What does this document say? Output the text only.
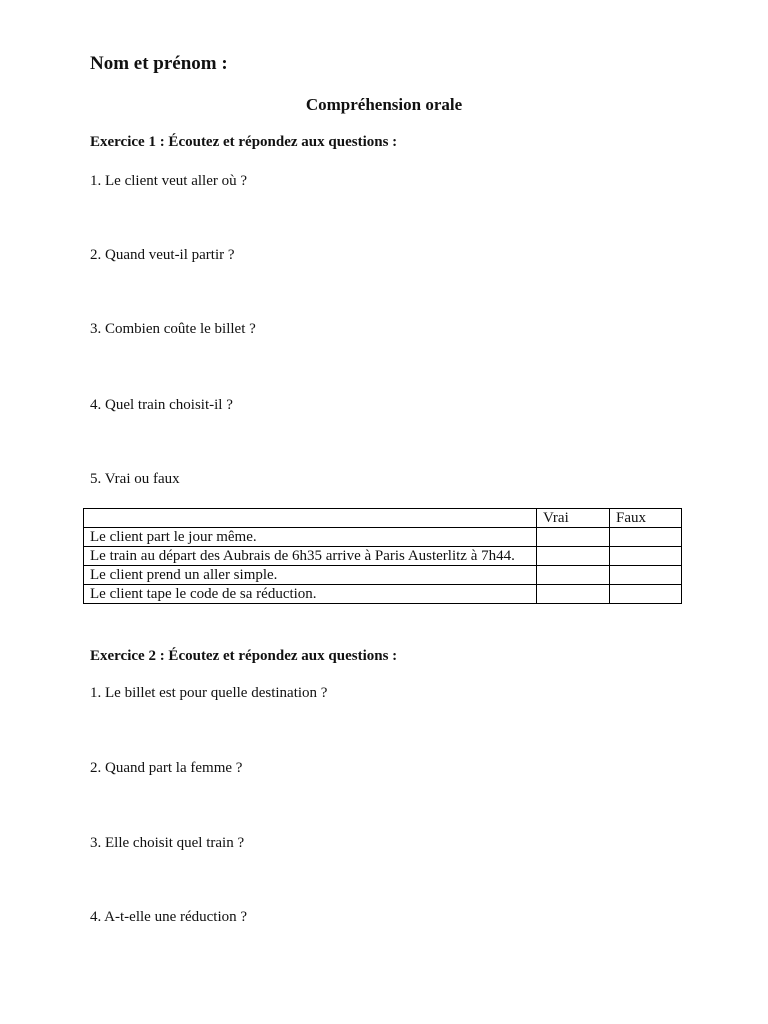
Nom et prénom :
Compréhension orale
Exercice 1 : Écoutez et répondez aux questions :
1. Le client veut aller où ?
2. Quand veut-il partir ?
3. Combien coûte le billet ?
4. Quel train choisit-il ?
5. Vrai ou faux
	Vrai	Faux
Le client part le jour même.		
Le train au départ des Aubrais de 6h35 arrive à Paris Austerlitz à 7h44.		
Le client prend un aller simple.		
Le client tape le code de sa réduction.		
Exercice 2 : Écoutez et répondez aux questions :
1. Le billet est pour quelle destination ?
2. Quand part la femme ?
3. Elle choisit quel train ?
4. A-t-elle une réduction ?
